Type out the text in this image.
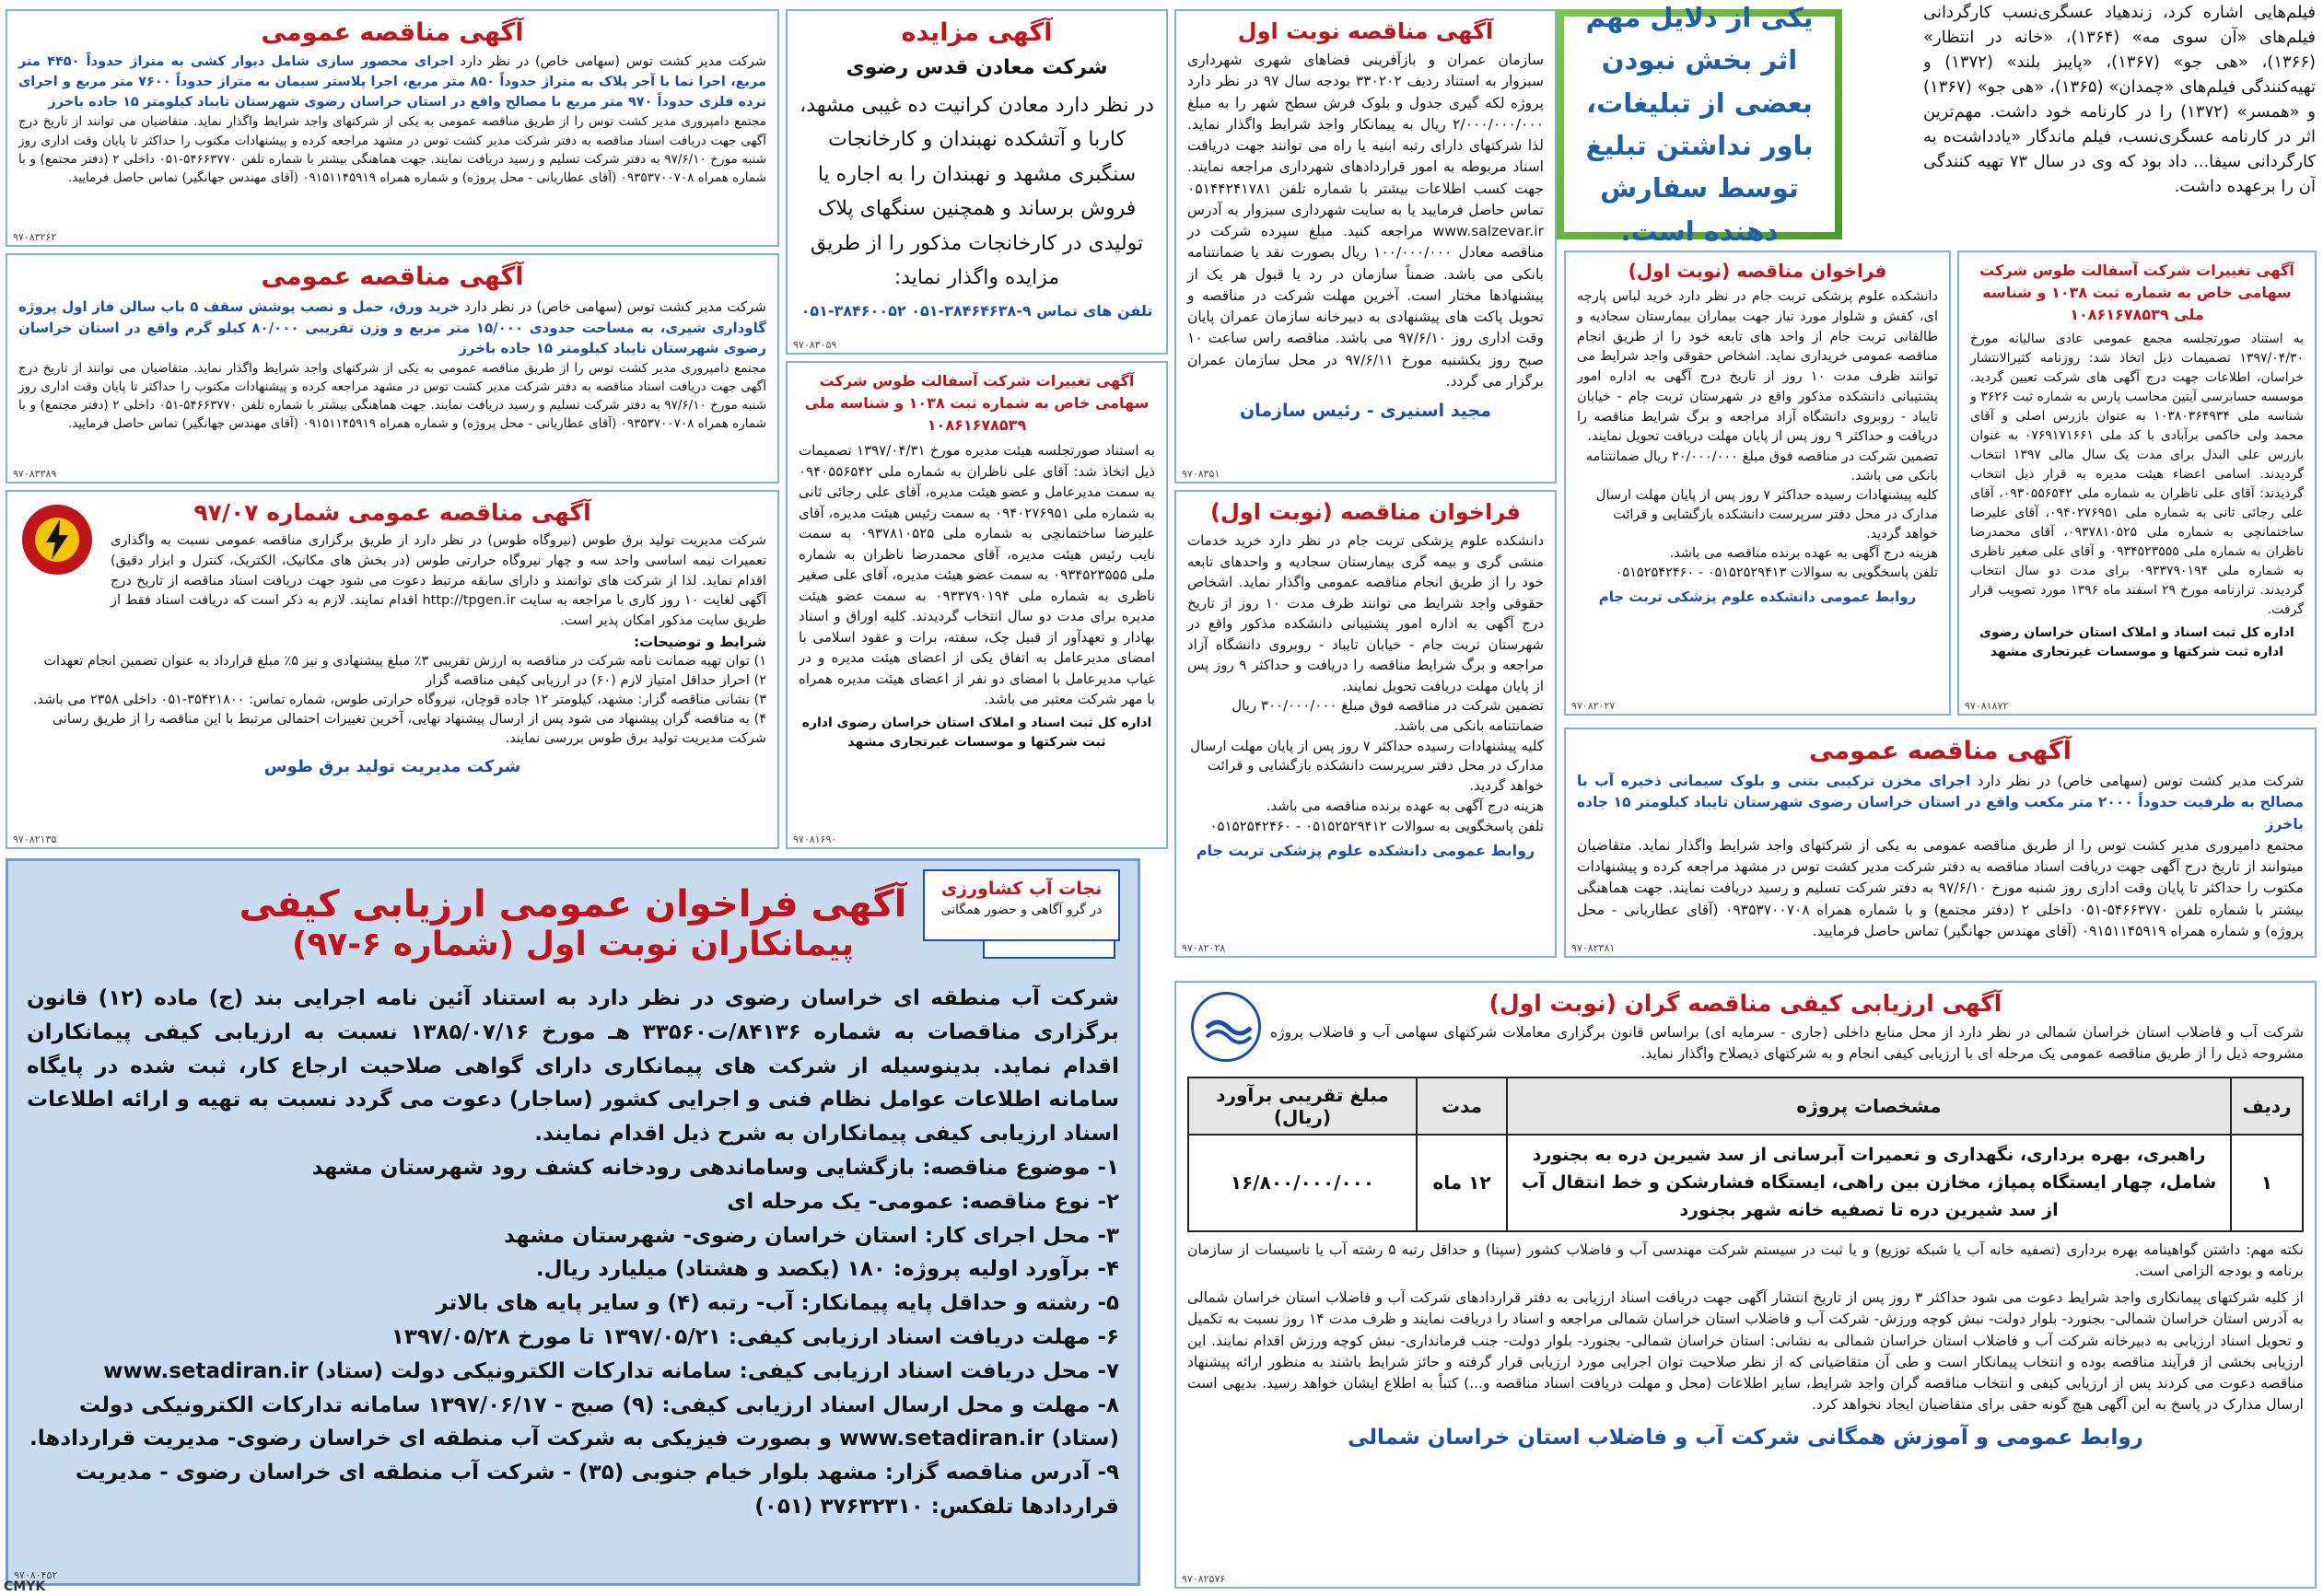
فیلم‌هایی اشاره کرد، زندهیاد عسگری‌نسب کارگردانی فیلم‌های «آن سوی مه» (۱۳۶۴)، «خانه در انتظار» (۱۳۶۶)، «هی جو» (۱۳۶۷)، «پایبز بلند» (۱۳۷۲) و تهیه‌کنندگی فیلم‌های «چمدان» (۱۳۶۵)، «هی جو» (۱۳۶۷) و «همسر» (۱۳۷۲) را در کارنامه خود داشت. مهم‌ترین اثر در کارنامه عسگری‌نسب، فیلم ماندگار «یادداشت‌ه به کارگردانی سیفا... داد بود که وی در سال ۷۳ تهیه کنندگی آن را برعهده داشت.
یکی از دلایل مهم اثر بخش نبودن بعضی از تبلیغات، باور نداشتن تبلیغ توسط سفارش دهنده است.

آگهی تغییرات شرکت آسفالت طوس شرکت سهامی خاص به شماره ثبت ۱۰۳۸ و شناسه ملی ۱۰۸۶۱۶۷۸۵۳۹

به استناد صورتجلسه مجمع عمومی عادی سالیانه مورخ ۱۳۹۷/۰۴/۳۰ تصمیمات ذیل اتخاذ شد: روزنامه کثیرالانتشار خراسان، اطلاعات جهت درج آگهی های شرکت تعیین گردید. موسسه حسابرسی آیتین محاسب پارس به شماره ثبت ۳۶۲۶ و شناسه ملی ۱۰۳۸۰۳۶۴۹۳۴ به عنوان بازرس اصلی و آقای محمد ولی خاکمی برآبادی با کد ملی ۰۷۶۹۱۷۱۶۶۱ به عنوان بازرس علی البدل برای مدت یک سال مالی ۱۳۹۷ انتخاب گردیدند. اسامی اعضاء هیئت مدیره به قرار ذیل انتخاب گردیدند: آقای علی ناظران به شماره ملی ۰۹۳۰۵۵۶۵۴۲، آقای علی رجائی ثانی به شماره ملی ۰۹۴۰۲۷۶۹۵۱، آقای علیرضا ساختمانچی به شماره ملی ۰۹۳۷۸۱۰۵۲۵، آقای محمدرضا ناظران به شماره ملی ۰۹۳۴۵۲۳۵۵۵ و آقای علی صغیر ناظری به شماره ملی ۰۹۳۳۷۹۰۱۹۴ برای مدت دو سال انتخاب گردیدند. ترازنامه مورخ ۲۹ اسفند ماه ۱۳۹۶ مورد تصویب قرار گرفت.

اداره کل ثبت اسناد و املاک استان خراسان رضوی اداره ثبت شرکتها و موسسات غیرتجاری مشهد

۹۷۰۸۱۸۷۲
فراخوان مناقصه (نوبت اول)

دانشکده علوم پزشکی تربت جام در نظر دارد خرید لباس پارچه ای، کفش و شلوار مورد نیاز جهت بیماران بیمارستان سجادیه و طالقانی تربت جام از واحد های تابعه خود را از طریق انجام مناقصه عمومی خریداری نماید. اشخاص حقوقی واجد شرایط می توانند ظرف مدت ۱۰ روز از تاریخ درج آگهی به اداره امور پشتیبانی دانشکده مذکور واقع در شهرستان تربت جام - خیابان تایباد - روبروی دانشگاه آزاد مراجعه و برگ شرایط مناقصه را دریافت و حداکثر ۹ روز پس از پایان مهلت دریافت تحویل نمایند.

تضمین شرکت در مناقصه فوق مبلغ ۲۰/۰۰۰/۰۰۰ ریال ضمانتنامه بانکی می باشد.
کلیه پیشنهادات رسیده حداکثر ۷ روز پس از پایان مهلت ارسال مدارک در محل دفتر سرپرست دانشکده بازگشایی و قرائت خواهد گردید.
هزینه درج آگهی به عهده برنده مناقصه می باشد.
تلفن پاسخگویی به سوالات ۰۵۱۵۲۵۲۹۴۱۳ - ۰۵۱۵۲۵۴۲۴۶۰

روابط عمومی دانشکده علوم پزشکی تربت جام

۹۷۰۸۲۰۲۷
آگهی مناقصه عمومی

شرکت مدیر کشت توس (سهامی خاص) در نظر دارد اجرای مخزن ترکیبی بتنی و بلوک سیمانی ذخیره آب با مصالح به ظرفیت حدوداً ۲۰۰۰ متر مکعب واقع در استان خراسان رضوی شهرستان تایباد کیلومتر ۱۵ جاده باخرز

مجتمع دامپروری مدیر کشت توس را از طریق مناقصه عمومی به یکی از شرکتهای واجد شرایط واگذار نماید. متقاضیان میتوانند از تاریخ درج آگهی جهت دریافت اسناد مناقصه به دفتر شرکت مدیر کشت توس در مشهد مراجعه کرده و پیشنهادات مکتوب را حداکثر تا پایان وقت اداری روز شنبه مورخ ۹۷/۶/۱۰ به دفتر شرکت تسلیم و رسید دریافت نمایند. جهت هماهنگی بیشتر با شماره تلفن ۵۴۶۶۳۷۷۰-۰۵۱ داخلی ۲ (دفتر مجتمع) و با شماره همراه ۰۹۳۵۳۷۰۰۷۰۸ (آقای عطاریانی - محل پروژه) و شماره همراه ۰۹۱۵۱۱۴۵۹۱۹ (آقای مهندس جهانگیر) تماس حاصل فرمایید.

۹۷۰۸۲۳۸۱
آگهی مناقصه نوبت اول

سازمان عمران و بازآفرینی فضاهای شهری شهرداری سبزوار به استناد ردیف ۳۳۰۲۰۲ بودجه سال ۹۷ در نظر دارد پروژه لکه گیری جدول و بلوک فرش سطح شهر را به مبلغ ۲/۰۰۰/۰۰۰/۰۰۰ ریال به پیمانکار واجد شرایط واگذار نماید. لذا شرکتهای دارای رتبه ابنیه یا راه می توانند جهت دریافت اسناد مربوطه به امور قراردادهای شهرداری مراجعه نمایند. جهت کسب اطلاعات بیشتر با شماره تلفن ۰۵۱۴۴۲۴۱۷۸۱ تماس حاصل فرمایید یا به سایت شهرداری سبزوار به آدرس www.salzevar.ir مراجعه کنید. مبلغ سپرده شرکت در مناقصه معادل ۱۰۰/۰۰۰/۰۰۰ ریال بصورت نقد یا ضمانتنامه بانکی می باشد. ضمناً سازمان در رد یا قبول هر یک از پیشنهادها مختار است. آخرین مهلت شرکت در مناقصه و تحویل پاکت های پیشنهادی به دبیرخانه سازمان عمران پایان وقت اداری روز ۹۷/۶/۱۰ می باشد. مناقصه راس ساعت ۱۰ صبح روز یکشنبه مورخ ۹۷/۶/۱۱ در محل سازمان عمران برگزار می گردد.

مجید اسنیری - رئیس سازمان

۹۷۰۸۳۵۱
فراخوان مناقصه (نوبت اول)

دانشکده علوم پزشکی تربت جام در نظر دارد خرید خدمات منشی گری و بیمه گری بیمارستان سجادیه و واحدهای تابعه خود را از طریق انجام مناقصه عمومی واگذار نماید. اشخاص حقوقی واجد شرایط می توانند ظرف مدت ۱۰ روز از تاریخ درج آگهی به اداره امور پشتیبانی دانشکده مذکور واقع در شهرستان تربت جام - خیابان تایباد - روبروی دانشگاه آزاد مراجعه و برگ شرایط مناقصه را دریافت و حداکثر ۹ روز پس از پایان مهلت دریافت تحویل نمایند.

تضمین شرکت در مناقصه فوق مبلغ ۳۰۰/۰۰۰/۰۰۰ ریال ضمانتنامه بانکی می باشد.
کلیه پیشنهادات رسیده حداکثر ۷ روز پس از پایان مهلت ارسال مدارک در محل دفتر سرپرست دانشکده بازگشایی و قرائت خواهد گردید.
هزینه درج آگهی به عهده برنده مناقصه می باشد.
تلفن پاسخگویی به سوالات ۰۵۱۵۲۵۲۹۴۱۲ - ۰۵۱۵۲۵۴۲۴۶۰

روابط عمومی دانشکده علوم پزشکی تربت جام

۹۷۰۸۲۰۲۸
آگهی مزایده

شرکت معادن قدس رضوی

در نظر دارد معادن کرانیت ده غیبی مشهد، کاربا و آتشکده نهبندان و کارخانجات سنگبری مشهد و نهبندان را به اجاره یا فروش برساند و همچنین سنگهای پلاک تولیدی در کارخانجات مذکور را از طریق مزایده واگذار نماید:

تلفن های تماس ۹-۳۸۴۶۴۶۳۸-۰۵۱ ۳۸۴۶۰۰۵۲-۰۵۱

۹۷۰۸۳۰۵۹

آگهی تغییرات شرکت آسفالت طوس شرکت سهامی خاص به شماره ثبت ۱۰۳۸ و شناسه ملی ۱۰۸۶۱۶۷۸۵۳۹

به استناد صورتجلسه هیئت مدیره مورخ ۱۳۹۷/۰۴/۳۱ تصمیمات ذیل اتخاذ شد: آقای علی ناظران به شماره ملی ۰۹۴۰۵۵۶۵۴۲ به سمت مدیرعامل و عضو هیئت مدیره، آقای علی رجائی ثانی به شماره ملی ۰۹۴۰۲۷۶۹۵۱ به سمت رئیس هیئت مدیره، آقای علیرضا ساختمانچی به شماره ملی ۰۹۳۷۸۱۰۵۲۵ به سمت نایب رئیس هیئت مدیره، آقای محمدرضا ناظران به شماره ملی ۰۹۳۴۵۲۳۵۵۵ به سمت عضو هیئت مدیره، آقای علی صغیر ناظری به شماره ملی ۰۹۳۳۷۹۰۱۹۴ به سمت عضو هیئت مدیره برای مدت دو سال انتخاب گردیدند. کلیه اوراق و اسناد بهادار و تعهدآور از قبیل چک، سفته، برات و عقود اسلامی با امضای مدیرعامل به اتفاق یکی از اعضای هیئت مدیره و در غیاب مدیرعامل با امضای دو نفر از اعضای هیئت مدیره همراه با مهر شرکت معتبر می باشد.

اداره کل ثبت اسناد و املاک استان خراسان رضوی اداره ثبت شرکتها و موسسات غیرتجاری مشهد

۹۷۰۸۱۶۹۰
آگهی مناقصه عمومی

شرکت مدیر کشت توس (سهامی خاص) در نظر دارد اجرای محصور سازی شامل دیوار کشی به متراژ حدوداً ۴۴۵۰ متر مربع، اجرا نما با آجر پلاک به متراژ حدوداً ۸۵۰ متر مربع، اجرا پلاستر سیمان به متراژ حدوداً ۷۶۰۰ متر مربع و اجرای نرده فلزی حدوداً ۹۷۰ متر مربع با مصالح واقع در استان خراسان رضوی شهرستان تایباد کیلومتر ۱۵ جاده باخرز

مجتمع دامپروری مدیر کشت توس را از طریق مناقصه عمومی به یکی از شرکتهای واجد شرایط واگذار نماید. متقاضیان می توانند از تاریخ درج آگهی جهت دریافت اسناد مناقصه به دفتر شرکت مدیر کشت توس در مشهد مراجعه کرده و پیشنهادات مکتوب را حداکثر تا پایان وقت اداری روز شنبه مورخ ۹۷/۶/۱۰ به دفتر شرکت تسلیم و رسید دریافت نمایند. جهت هماهنگی بیشتر با شماره تلفن ۵۴۶۶۳۷۷۰-۰۵۱ داخلی ۲ (دفتر مجتمع) و با شماره همراه ۰۹۳۵۳۷۰۰۷۰۸ (آقای عطاریانی - محل پروژه) و شماره همراه ۰۹۱۵۱۱۴۵۹۱۹ (آقای مهندس جهانگیر) تماس حاصل فرمایید.

۹۷۰۸۳۲۶۲
آگهی مناقصه عمومی

شرکت مدیر کشت توس (سهامی خاص) در نظر دارد خرید ورق، حمل و نصب پوشش سقف ۵ باب سالن فاز اول پروژه گاوداری شیری، به مساحت حدودی ۱۵/۰۰۰ متر مربع و وزن تقریبی ۸۰/۰۰۰ کیلو گرم واقع در استان خراسان رضوی شهرستان تایباد کیلومتر ۱۵ جاده باخرز

مجتمع دامپروری مدیر کشت توس را از طریق مناقصه عمومی به یکی از شرکتهای واجد شرایط واگذار نماید. متقاضیان می توانند از تاریخ درج آگهی جهت دریافت اسناد مناقصه به دفتر شرکت مدیر کشت توس در مشهد مراجعه کرده و پیشنهادات مکتوب را حداکثر تا پایان وقت اداری روز شنبه مورخ ۹۷/۶/۱۰ به دفتر شرکت تسلیم و رسید دریافت نمایند. جهت هماهنگی بیشتر با شماره تلفن ۵۴۶۶۳۷۷۰-۰۵۱ داخلی ۲ (دفتر مجتمع) و با شماره همراه ۰۹۳۵۳۷۰۰۷۰۸ (آقای عطاریانی - محل پروژه) و شماره همراه ۰۹۱۵۱۱۴۵۹۱۹ (آقای مهندس جهانگیر) تماس حاصل فرمایید.

۹۷۰۸۳۳۸۹
آگهی مناقصه عمومی شماره ۹۷/۰۷

شرکت مدیریت تولید برق طوس (نیروگاه طوس) در نظر دارد از طریق برگزاری مناقصه عمومی نسبت به واگذاری تعمیرات نیمه اساسی واحد سه و چهار نیروگاه حرارتی طوس (در بخش های مکانیک، الکتریک، کنترل و ابزار دقیق) اقدام نماید. لذا از شرکت های توانمند و دارای سابقه مرتبط دعوت می شود جهت دریافت اسناد مناقصه از تاریخ درج آگهی لغایت ۱۰ روز کاری با مراجعه به سایت http://tpgen.ir اقدام نمایند. لازم به ذکر است که دریافت اسناد فقط از طریق سایت مذکور امکان پذیر است.

شرایط و توضیحات:

۱) توان تهیه ضمانت نامه شرکت در مناقصه به ارزش تقریبی ۳٪ مبلغ پیشنهادی و نیز ۵٪ مبلغ قرارداد به عنوان تضمین انجام تعهدات
۲) احراز حداقل امتیاز لازم (۶۰) در ارزیابی کیفی مناقصه گزار
۳) نشانی مناقصه گزار: مشهد، کیلومتر ۱۲ جاده قوچان، نیروگاه حرارتی طوس، شماره تماس: ۳۵۴۲۱۸۰۰-۰۵۱ داخلی ۲۳۵۸ می باشد.
۴) به مناقصه گران پیشنهاد می شود پس از ارسال پیشنهاد نهایی، آخرین تغییرات احتمالی مرتبط با این مناقصه را از طریق رسانی شرکت مدیریت تولید برق طوس بررسی نمایند.

شرکت مدیریت تولید برق طوس

۹۷۰۸۲۱۳۵
آگهی فراخوان عمومی ارزیابی کیفی
پیمانکاران نوبت اول (شماره ۶-۹۷)
شرکت آب منطقه ای خراسان رضوی در نظر دارد به استناد آئین نامه اجرایی بند (ج) ماده (۱۲) قانون برگزاری مناقصات به شماره ۸۴۱۳۶/ت۳۳۵۶۰ هـ مورخ ۱۳۸۵/۰۷/۱۶ نسبت به ارزیابی کیفی پیمانکاران اقدام نماید. بدینوسیله از شرکت های پیمانکاری دارای گواهی صلاحیت ارجاع کار، ثبت شده در پایگاه سامانه اطلاعات عوامل نظام فنی و اجرایی کشور (ساجار) دعوت می گردد نسبت به تهیه و ارائه اطلاعات اسناد ارزیابی کیفی پیمانکاران به شرح ذیل اقدام نمایند.
۱- موضوع مناقصه: بازگشایی وساماندهی رودخانه کشف رود شهرستان مشهد
۲- نوع مناقصه: عمومی- یک مرحله ای
۳- محل اجرای کار: استان خراسان رضوی- شهرستان مشهد
۴- برآورد اولیه پروژه: ۱۸۰ (یکصد و هشتاد) میلیارد ریال.
۵- رشته و حداقل پایه پیمانکار: آب- رتبه (۴) و سایر پایه های بالاتر
۶- مهلت دریافت اسناد ارزیابی کیفی: ۱۳۹۷/۰۵/۲۱ تا مورخ ۱۳۹۷/۰۵/۲۸
۷- محل دریافت اسناد ارزیابی کیفی: سامانه تدارکات الکترونیکی دولت (ستاد) www.setadiran.ir
۸- مهلت و محل ارسال اسناد ارزیابی کیفی: (۹) صبح - ۱۳۹۷/۰۶/۱۷ سامانه تدارکات الکترونیکی دولت (ستاد) www.setadiran.ir و بصورت فیزیکی به شرکت آب منطقه ای خراسان رضوی- مدیریت قراردادها.
۹- آدرس مناقصه گزار: مشهد بلوار خیام جنوبی (۳۵) - شرکت آب منطقه ای خراسان رضوی - مدیریت قراردادها تلفکس: ۳۷۶۳۲۳۱۰ (۰۵۱)
۹۷۰۸۰۴۵۲
نجات آب کشاورزی
در گرو آگاهی و حضور همگانی
آگهی ارزیابی کیفی مناقصه گران (نوبت اول)

شرکت آب و فاضلاب استان خراسان شمالی در نظر دارد از محل منابع داخلی (جاری - سرمایه ای) براساس قانون برگزاری معاملات شرکتهای سهامی آب و فاضلاب پروژه مشروحه ذیل را از طریق مناقصه عمومی یک مرحله ای با ارزیابی کیفی انجام و به شرکتهای ذیصلاح واگذار نماید.

ردیف	مشخصات پروژه	مدت	مبلغ تقریبی برآورد (ریال)
۱	راهبری، بهره برداری، نگهداری و تعمیرات آبرسانی از سد شیرین دره به بجنورد شامل، چهار ایستگاه پمپاژ، مخازن بین راهی، ایستگاه فشارشکن و خط انتقال آب از سد شیرین دره تا تصفیه خانه شهر بجنورد	۱۲ ماه	۱۶/۸۰۰/۰۰۰/۰۰۰

نکته مهم: داشتن گواهینامه بهره برداری (تصفیه خانه آب یا شبکه توزیع) و یا ثبت در سیستم شرکت مهندسی آب و فاضلاب کشور (سپتا) و حداقل رتبه ۵ رشته آب یا تاسیسات از سازمان برنامه و بودجه الزامی است.

از کلیه شرکتهای پیمانکاری واجد شرایط دعوت می شود حداکثر ۳ روز پس از تاریخ انتشار آگهی جهت دریافت اسناد ارزیابی به دفتر قراردادهای شرکت آب و فاضلاب استان خراسان شمالی به آدرس استان خراسان شمالی- بجنورد- بلوار دولت- نبش کوچه ورزش- شرکت آب و فاضلاب استان خراسان شمالی مراجعه و اسناد را دریافت نمایند و ظرف مدت ۱۴ روز نسبت به تکمیل و تحویل اسناد ارزیابی به دبیرخانه شرکت آب و فاضلاب استان خراسان شمالی به نشانی: استان خراسان شمالی- بجنورد- بلوار دولت- جنب فرمانداری- نبش کوچه ورزش اقدام نمایند. این ارزیابی بخشی از فرآیند مناقصه بوده و انتخاب پیمانکار است و طی آن متقاضیانی که از نظر صلاحیت توان اجرایی مورد ارزیابی قرار گرفته و حائز شرایط باشند به منظور ارائه پیشنهاد مناقصه دعوت می کردند پس از ارزیابی کیفی و انتخاب مناقصه گران واجد شرایط، سایر اطلاعات (محل و مهلت دریافت اسناد مناقصه و...) کتباً به اطلاع ایشان خواهد رسید. بدیهی است ارسال مدارک در پاسخ به این آگهی هیچ گونه حقی برای متقاضیان ایجاد نخواهد کرد.

روابط عمومی و آموزش همگانی شرکت آب و فاضلاب استان خراسان شمالی

۹۷۰۸۲۵۷۶
CMYK
